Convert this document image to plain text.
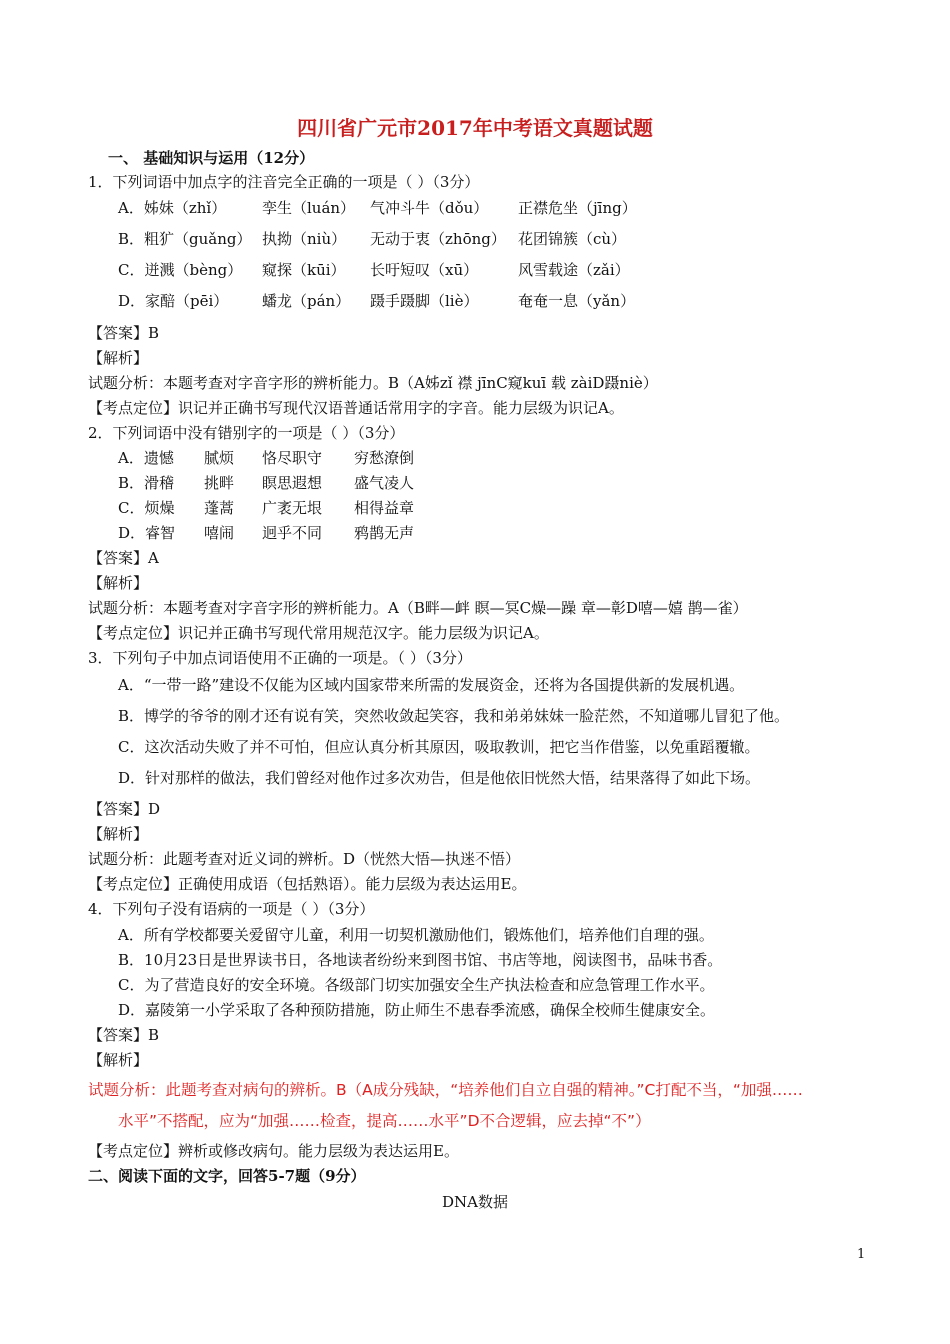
四川省广元市2017年中考语文真题试题
一、 基础知识与运用（12分）
1．下列词语中加点字的注音完全正确的一项是（ ）（3分）
A．姊妹（zhǐ）	孪生（luán） 气冲斗牛（dǒu）	正襟危坐（jīng）
B．粗犷（guǎng） 执拗（niù）	无动于衷（zhōng） 花团锦簇（cù）
C．迸溅（bèng）	窥探（kūi）	长吁短叹（xū）	风雪载途（zǎi）
D．家醅（pēi）	蟠龙（pán）	蹑手蹑脚（liè）	奄奄一息（yǎn）
【答案】B
【解析】
试题分析：本题考查对字音字形的辨析能力。B（A姊zǐ 襟 jīnC窥kuī 载 zàiD蹑niè）
【考点定位】识记并正确书写现代汉语普通话常用字的字音。能力层级为识记A。
2．下列词语中没有错别字的一项是（ ）（3分）
A．遗憾	腻烦	恪尽职守	穷愁潦倒
B．滑稽	挑畔	瞑思遐想	盛气凌人
C．烦燥	蓬蒿	广袤无垠	相得益章
D．睿智	嘻闹	迥乎不同	鸦鹊无声
【答案】A
【解析】
试题分析：本题考查对字音字形的辨析能力。A（B畔—衅 瞑—冥C燥—躁 章—彰D嘻—嬉 鹊—雀）
【考点定位】识记并正确书写现代常用规范汉字。能力层级为识记A。
3．下列句子中加点词语使用不正确的一项是。（ ）（3分）
A．“一带一路”建设不仅能为区域内国家带来所需的发展资金，还将为各国提供新的发展机遇。
B．博学的爷爷的刚才还有说有笑，突然收敛起笑容，我和弟弟妹妹一脸茫然，不知道哪儿冒犯了他。
C．这次活动失败了并不可怕，但应认真分析其原因，吸取教训，把它当作借鉴，以免重蹈覆辙。
D．针对那样的做法，我们曾经对他作过多次劝告，但是他依旧恍然大悟，结果落得了如此下场。
【答案】D
【解析】
试题分析：此题考查对近义词的辨析。D（恍然大悟—执迷不悟）
【考点定位】正确使用成语（包括熟语）。能力层级为表达运用E。
4．下列句子没有语病的一项是（ ）（3分）
A．所有学校都要关爱留守儿童，利用一切契机激励他们，锻炼他们，培养他们自理的强。
B．10月23日是世界读书日，各地读者纷纷来到图书馆、书店等地，阅读图书，品味书香。
C．为了营造良好的安全环境。各级部门切实加强安全生产执法检查和应急管理工作水平。
D．嘉陵第一小学采取了各种预防措施，防止师生不患春季流感，确保全校师生健康安全。
【答案】B
【解析】
试题分析：此题考查对病句的辨析。B（A成分残缺，“培养他们自立自强的精神。”C打配不当，“加强……
水平”不搭配，应为“加强……检查，提高……水平”D不合逻辑，应去掉“不”）
【考点定位】辨析或修改病句。能力层级为表达运用E。
二、阅读下面的文字，回答5-7题（9分）
DNA数据
1
